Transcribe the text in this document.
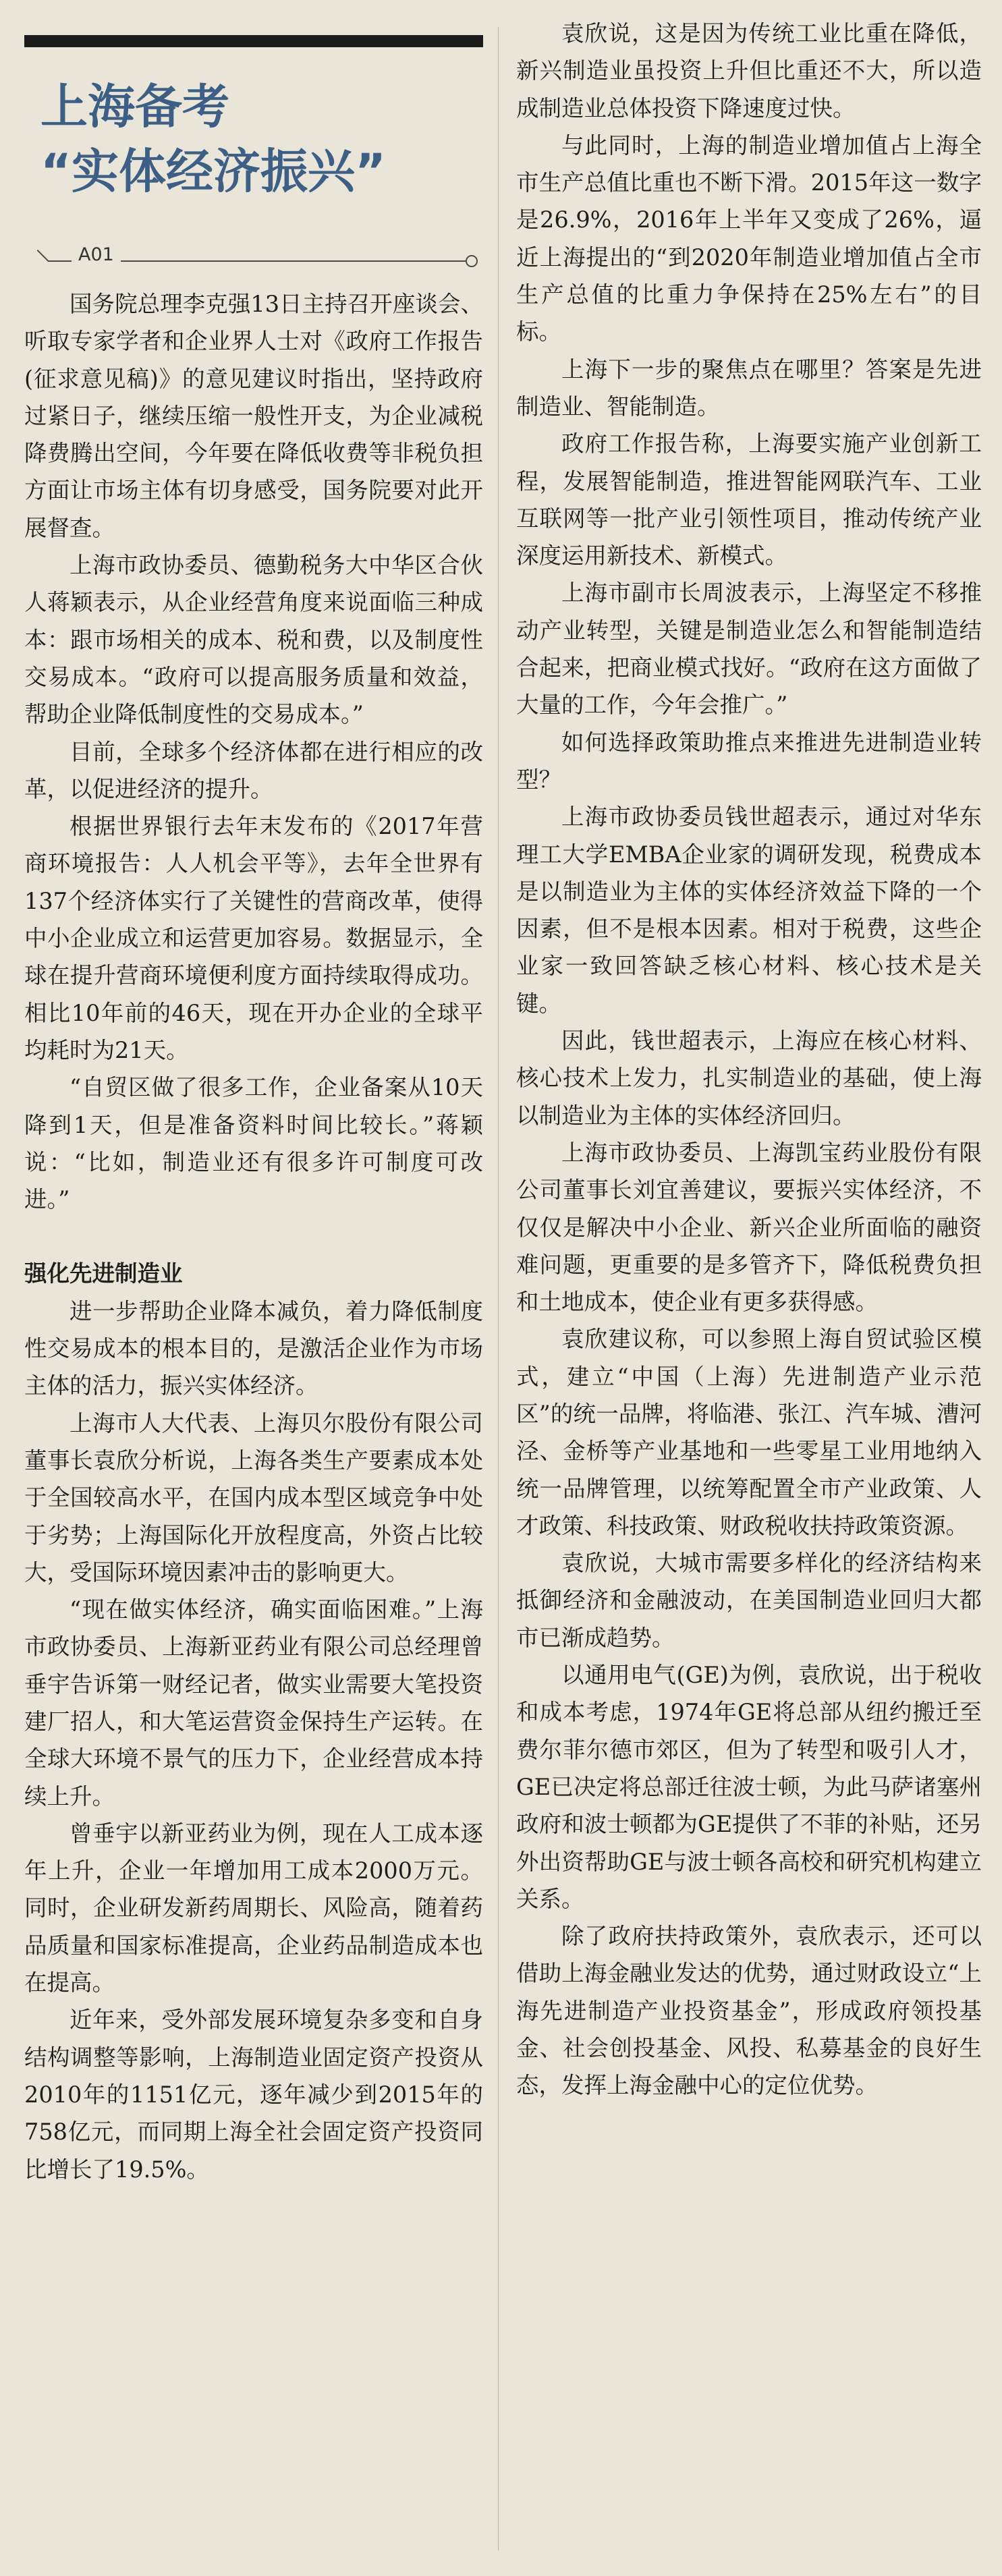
上海备考
“实体经济振兴”
A01

国务院总理李克强13日主持召开座谈会、听取专家学者和企业界人士对《政府工作报告(征求意见稿)》的意见建议时指出，坚持政府过紧日子，继续压缩一般性开支，为企业减税降费腾出空间，今年要在降低收费等非税负担方面让市场主体有切身感受，国务院要对此开展督查。

上海市政协委员、德勤税务大中华区合伙人蒋颖表示，从企业经营角度来说面临三种成本：跟市场相关的成本、税和费，以及制度性交易成本。“政府可以提高服务质量和效益，帮助企业降低制度性的交易成本。”

目前，全球多个经济体都在进行相应的改革，以促进经济的提升。

根据世界银行去年末发布的《2017年营商环境报告：人人机会平等》，去年全世界有137个经济体实行了关键性的营商改革，使得中小企业成立和运营更加容易。数据显示，全球在提升营商环境便利度方面持续取得成功。相比10年前的46天，现在开办企业的全球平均耗时为21天。

“自贸区做了很多工作，企业备案从10天降到1天，但是准备资料时间比较长。”蒋颖说：“比如，制造业还有很多许可制度可改进。”

强化先进制造业

进一步帮助企业降本减负，着力降低制度性交易成本的根本目的，是激活企业作为市场主体的活力，振兴实体经济。

上海市人大代表、上海贝尔股份有限公司董事长袁欣分析说，上海各类生产要素成本处于全国较高水平，在国内成本型区域竞争中处于劣势；上海国际化开放程度高，外资占比较大，受国际环境因素冲击的影响更大。

“现在做实体经济，确实面临困难。”上海市政协委员、上海新亚药业有限公司总经理曾垂宇告诉第一财经记者，做实业需要大笔投资建厂招人，和大笔运营资金保持生产运转。在全球大环境不景气的压力下，企业经营成本持续上升。

曾垂宇以新亚药业为例，现在人工成本逐年上升，企业一年增加用工成本2000万元。同时，企业研发新药周期长、风险高，随着药品质量和国家标准提高，企业药品制造成本也在提高。

近年来，受外部发展环境复杂多变和自身结构调整等影响，上海制造业固定资产投资从2010年的1151亿元，逐年减少到2015年的758亿元，而同期上海全社会固定资产投资同比增长了19.5%。

袁欣说，这是因为传统工业比重在降低，新兴制造业虽投资上升但比重还不大，所以造成制造业总体投资下降速度过快。

与此同时，上海的制造业增加值占上海全市生产总值比重也不断下滑。2015年这一数字是26.9%，2016年上半年又变成了26%，逼近上海提出的“到2020年制造业增加值占全市生产总值的比重力争保持在25%左右”的目标。

上海下一步的聚焦点在哪里？答案是先进制造业、智能制造。

政府工作报告称，上海要实施产业创新工程，发展智能制造，推进智能网联汽车、工业互联网等一批产业引领性项目，推动传统产业深度运用新技术、新模式。

上海市副市长周波表示，上海坚定不移推动产业转型，关键是制造业怎么和智能制造结合起来，把商业模式找好。“政府在这方面做了大量的工作，今年会推广。”

如何选择政策助推点来推进先进制造业转型？

上海市政协委员钱世超表示，通过对华东理工大学EMBA企业家的调研发现，税费成本是以制造业为主体的实体经济效益下降的一个因素，但不是根本因素。相对于税费，这些企业家一致回答缺乏核心材料、核心技术是关键。

因此，钱世超表示，上海应在核心材料、核心技术上发力，扎实制造业的基础，使上海以制造业为主体的实体经济回归。

上海市政协委员、上海凯宝药业股份有限公司董事长刘宜善建议，要振兴实体经济，不仅仅是解决中小企业、新兴企业所面临的融资难问题，更重要的是多管齐下，降低税费负担和土地成本，使企业有更多获得感。

袁欣建议称，可以参照上海自贸试验区模式，建立“中国（上海）先进制造产业示范区”的统一品牌，将临港、张江、汽车城、漕河泾、金桥等产业基地和一些零星工业用地纳入统一品牌管理，以统筹配置全市产业政策、人才政策、科技政策、财政税收扶持政策资源。

袁欣说，大城市需要多样化的经济结构来抵御经济和金融波动，在美国制造业回归大都市已渐成趋势。

以通用电气(GE)为例，袁欣说，出于税收和成本考虑，1974年GE将总部从纽约搬迁至费尔菲尔德市郊区，但为了转型和吸引人才，GE已决定将总部迁往波士顿，为此马萨诸塞州政府和波士顿都为GE提供了不菲的补贴，还另外出资帮助GE与波士顿各高校和研究机构建立关系。

除了政府扶持政策外，袁欣表示，还可以借助上海金融业发达的优势，通过财政设立“上海先进制造产业投资基金”，形成政府领投基金、社会创投基金、风投、私募基金的良好生态，发挥上海金融中心的定位优势。
